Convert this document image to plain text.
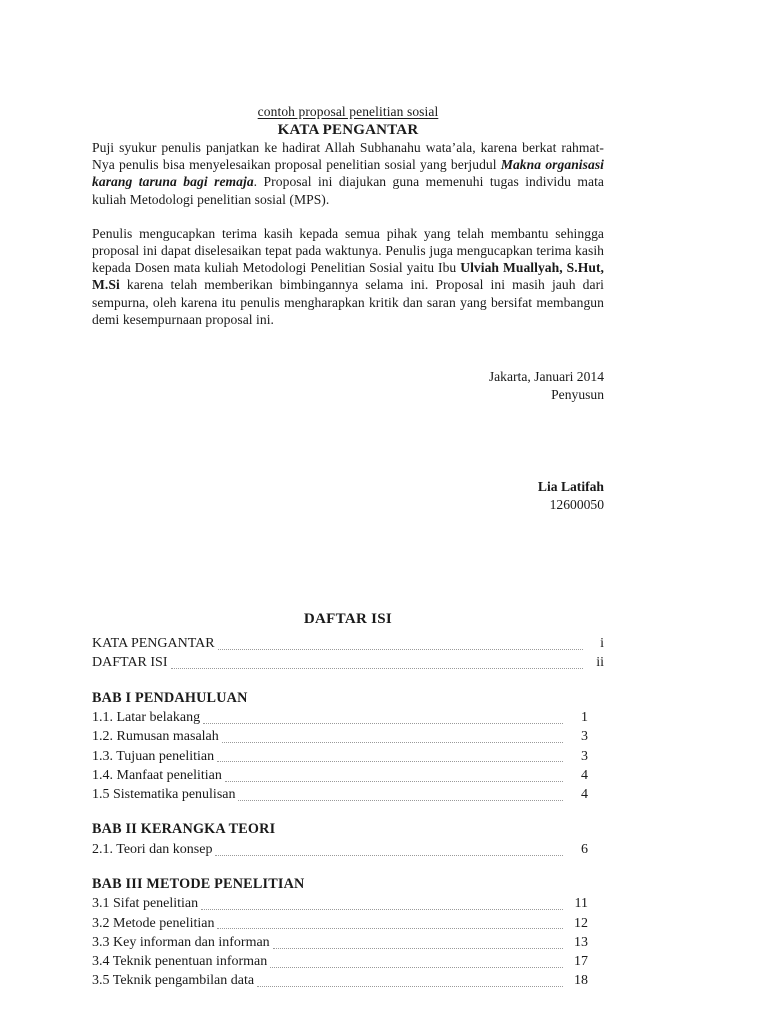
contoh proposal penelitian sosial
KATA PENGANTAR

Puji syukur penulis panjatkan ke hadirat Allah Subhanahu wata’ala, karena berkat rahmat-Nya penulis bisa menyelesaikan proposal penelitian sosial yang berjudul Makna organisasi karang taruna bagi remaja. Proposal ini diajukan guna memenuhi tugas individu mata kuliah Metodologi penelitian sosial (MPS).

Penulis mengucapkan terima kasih kepada semua pihak yang telah membantu sehingga proposal ini dapat diselesaikan tepat pada waktunya. Penulis juga mengucapkan terima kasih kepada Dosen mata kuliah Metodologi Penelitian Sosial yaitu Ibu Ulviah Muallyah, S.Hut, M.Si karena telah memberikan bimbingannya selama ini. Proposal ini masih jauh dari sempurna, oleh karena itu penulis mengharapkan kritik dan saran yang bersifat membangun demi kesempurnaan proposal ini.

Jakarta, Januari 2014
Penyusun
Lia Latifah
12600050
DAFTAR ISI
KATA PENGANTAR	i
DAFTAR ISI	ii
BAB I PENDAHULUAN
1.1. Latar belakang	1
1.2. Rumusan masalah	3
1.3. Tujuan penelitian	3
1.4. Manfaat penelitian	4
1.5 Sistematika penulisan	4
BAB II KERANGKA TEORI
2.1. Teori dan konsep	6
BAB III METODE PENELITIAN
3.1 Sifat penelitian	11
3.2 Metode penelitian	12
3.3 Key informan dan informan	13
3.4 Teknik penentuan informan	17
3.5 Teknik pengambilan data	18
